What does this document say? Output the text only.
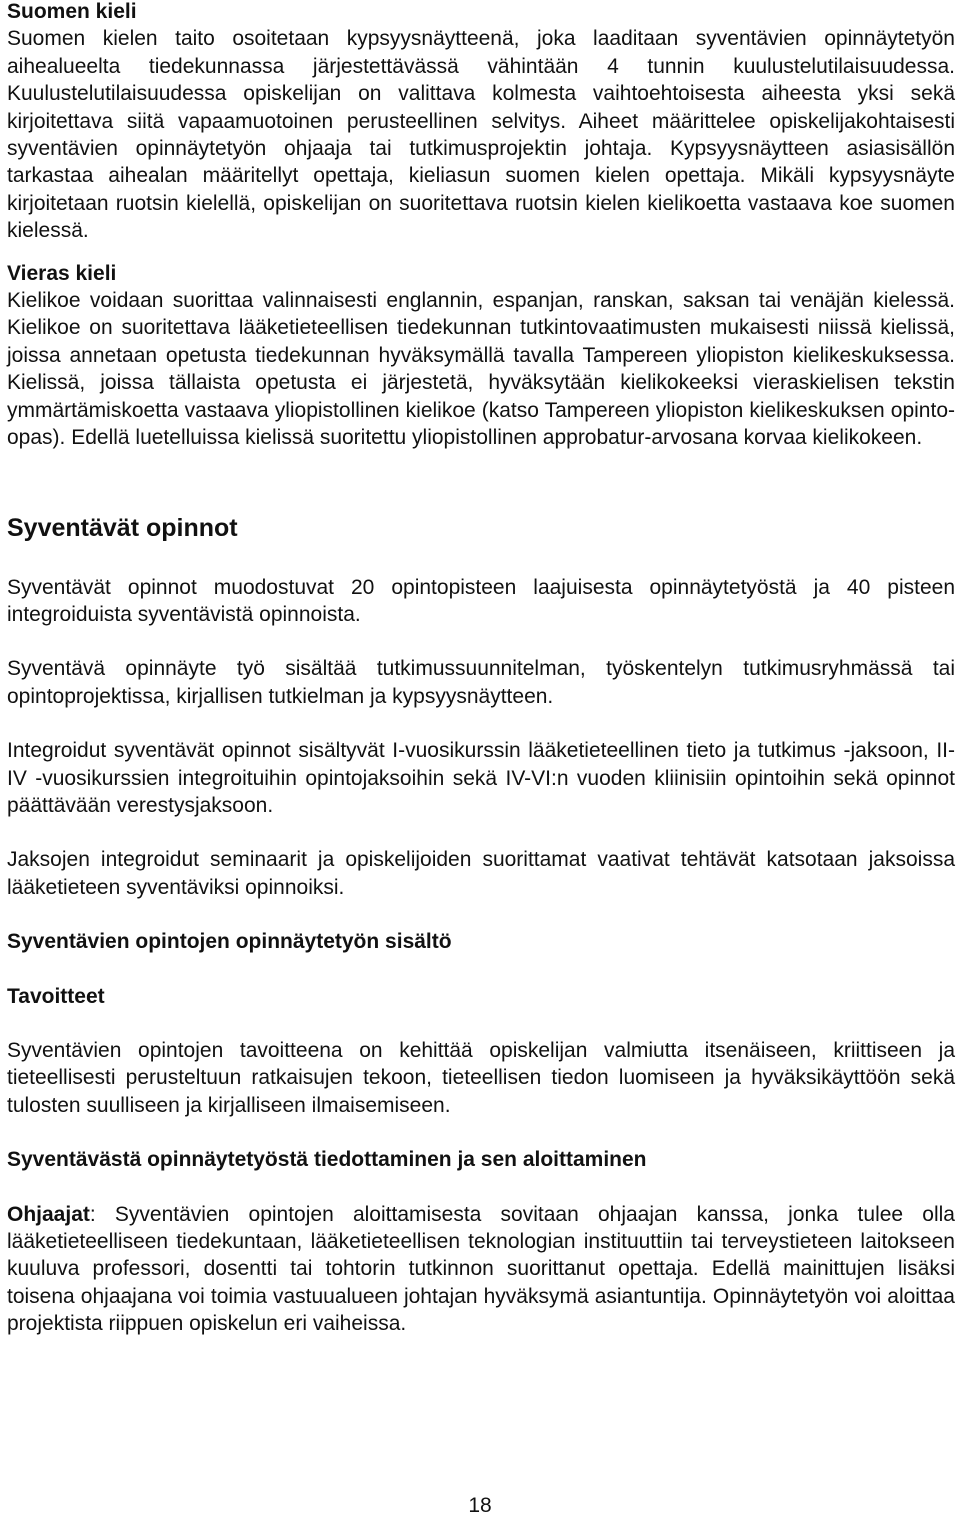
Suomen kieli

Suomen kielen taito osoitetaan kypsyysnäytteenä, joka laaditaan syventävien opinnäytetyön aihealueelta tiedekunnassa järjestettävässä vähintään 4 tunnin kuulustelutilaisuudessa. Kuulustelutilaisuudessa opiskelijan on valittava kolmesta vaihtoehtoisesta aiheesta yksi sekä kirjoitettava siitä vapaamuotoinen perusteellinen selvitys. Aiheet määrittelee opiskelijakohtaisesti syventävien opinnäytetyön ohjaaja tai tutkimusprojektin johtaja. Kypsyysnäytteen asiasisällön tarkastaa aihealan määritellyt opettaja, kieliasun suomen kielen opettaja. Mikäli kypsyysnäyte kirjoitetaan ruotsin kielellä, opiskelijan on suoritettava ruotsin kielen kielikoetta vastaava koe suomen kielessä.

Vieras kieli

Kielikoe voidaan suorittaa valinnaisesti englannin, espanjan, ranskan, saksan tai venäjän kielessä. Kielikoe on suoritettava lääketieteellisen tiedekunnan tutkintovaatimusten mukaisesti niissä kielissä, joissa annetaan opetusta tiedekunnan hyväksymällä tavalla Tampereen yliopiston kielikeskuksessa. Kielissä, joissa tällaista opetusta ei järjestetä, hyväksytään kielikokeeksi vieraskielisen tekstin ymmärtämiskoetta vastaava yliopistollinen kielikoe (katso Tampereen yliopiston kielikeskuksen opinto-opas). Edellä luetelluissa kielissä suoritettu yliopistollinen approbatur-arvosana korvaa kielikokeen.

Syventävät opinnot

Syventävät opinnot muodostuvat 20 opintopisteen laajuisesta opinnäytetyöstä ja 40 pisteen integroiduista syventävistä opinnoista.

Syventävä opinnäyte työ sisältää tutkimussuunnitelman, työskentelyn tutkimusryhmässä tai opintoprojektissa, kirjallisen tutkielman ja kypsyysnäytteen.

Integroidut syventävät opinnot sisältyvät I-vuosikurssin lääketieteellinen tieto ja tutkimus -jaksoon, II-IV -vuosikurssien integroituihin opintojaksoihin sekä IV-VI:n vuoden kliinisiin opintoihin sekä opinnot päättävään verestysjaksoon.

Jaksojen integroidut seminaarit ja opiskelijoiden suorittamat vaativat tehtävät katsotaan jaksoissa lääketieteen syventäviksi opinnoiksi.

Syventävien opintojen opinnäytetyön sisältö
Tavoitteet

Syventävien opintojen tavoitteena on kehittää opiskelijan valmiutta itsenäiseen, kriittiseen ja tieteellisesti perusteltuun ratkaisujen tekoon, tieteellisen tiedon luomiseen ja hyväksikäyttöön sekä tulosten suulliseen ja kirjalliseen ilmaisemiseen.

Syventävästä opinnäytetyöstä tiedottaminen ja sen aloittaminen

Ohjaajat: Syventävien opintojen aloittamisesta sovitaan ohjaajan kanssa, jonka tulee olla lääketieteelliseen tiedekuntaan, lääketieteellisen teknologian instituuttiin tai terveystieteen laitokseen kuuluva professori, dosentti tai tohtorin tutkinnon suorittanut opettaja. Edellä mainittujen lisäksi toisena ohjaajana voi toimia vastuualueen johtajan hyväksymä asiantuntija. Opinnäytetyön voi aloittaa projektista riippuen opiskelun eri vaiheissa.

18
